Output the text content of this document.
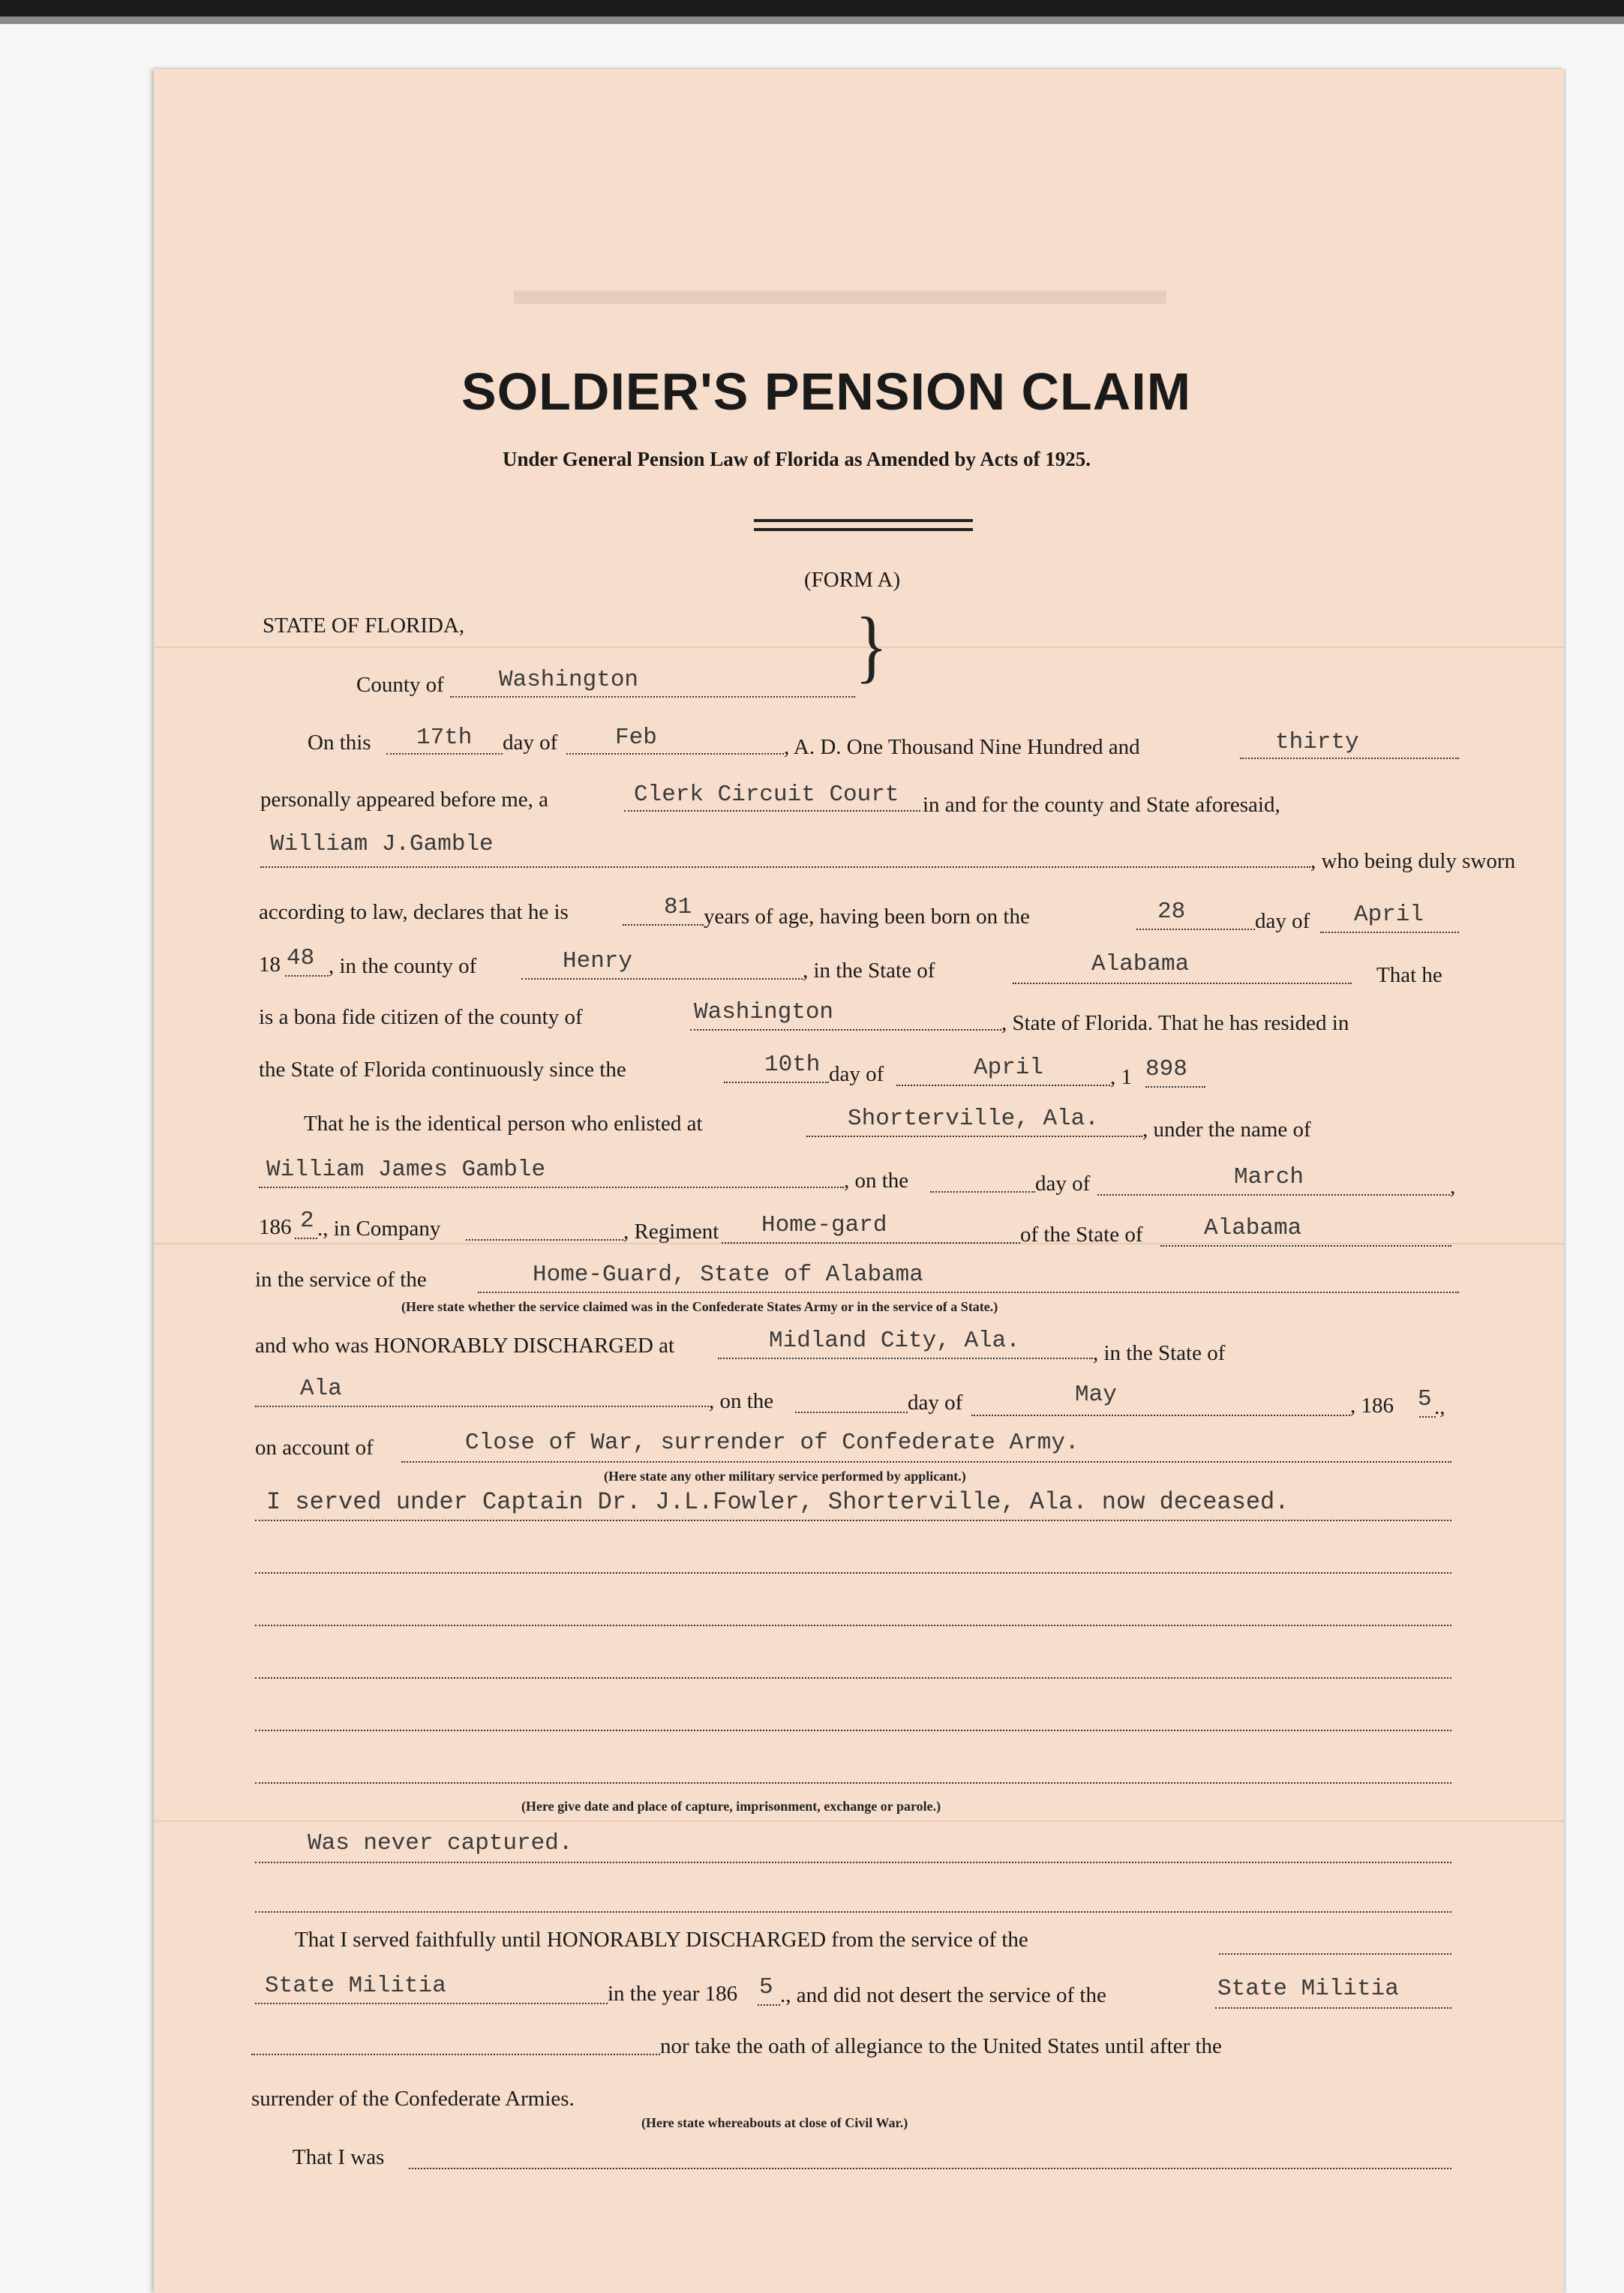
▬▬▬▬▬▬▬▬▬▬▬▬▬▬▬
SOLDIER'S PENSION CLAIM
Under General Pension Law of Florida as Amended by Acts of 1925.
(FORM A)
STATE OF FLORIDA,	}
County of Washington
On this 17th day of Feb	, A. D. One Thousand Nine Hundred and	thirty
personally appeared before me, a	Clerk Circuit Court in and for the county and State aforesaid,
William J.Gamble
, who being duly sworn
according to law, declares that he is	81 years of age, having been born on the	28	day of April
18 48 , in the county of	Henry	, in the State of	Alabama	That he
is a bona fide citizen of the county of	Washington	, State of Florida. That he has resided in
the State of Florida continuously since the	10th day of	April	, 1 898
That he is the identical person who enlisted at	Shorterville, Ala. , under the name of
William James Gamble	, on the	day of	March	,
186 2 ., in Company	, Regiment Home-gard	of the State of	Alabama
in the service of the	Home-Guard, State of Alabama
(Here state whether the service claimed was in the Confederate States Army or in the service of a State.)
and who was HONORABLY DISCHARGED at	Midland City, Ala.	, in the State of
Ala	, on the	day of	May	, 186 5 .,
on account of	Close of War, surrender of Confederate Army.
(Here state any other military service performed by applicant.)
I served under Captain Dr. J.L.Fowler, Shorterville, Ala. now deceased.
(Here give date and place of capture, imprisonment, exchange or parole.)
Was never captured.
That I served faithfully until HONORABLY DISCHARGED from the service of the
State Militia	in the year 186 5 ., and did not desert the service of the	State Militia
nor take the oath of allegiance to the United States until after the
surrender of the Confederate Armies.
(Here state whereabouts at close of Civil War.)
That I was
